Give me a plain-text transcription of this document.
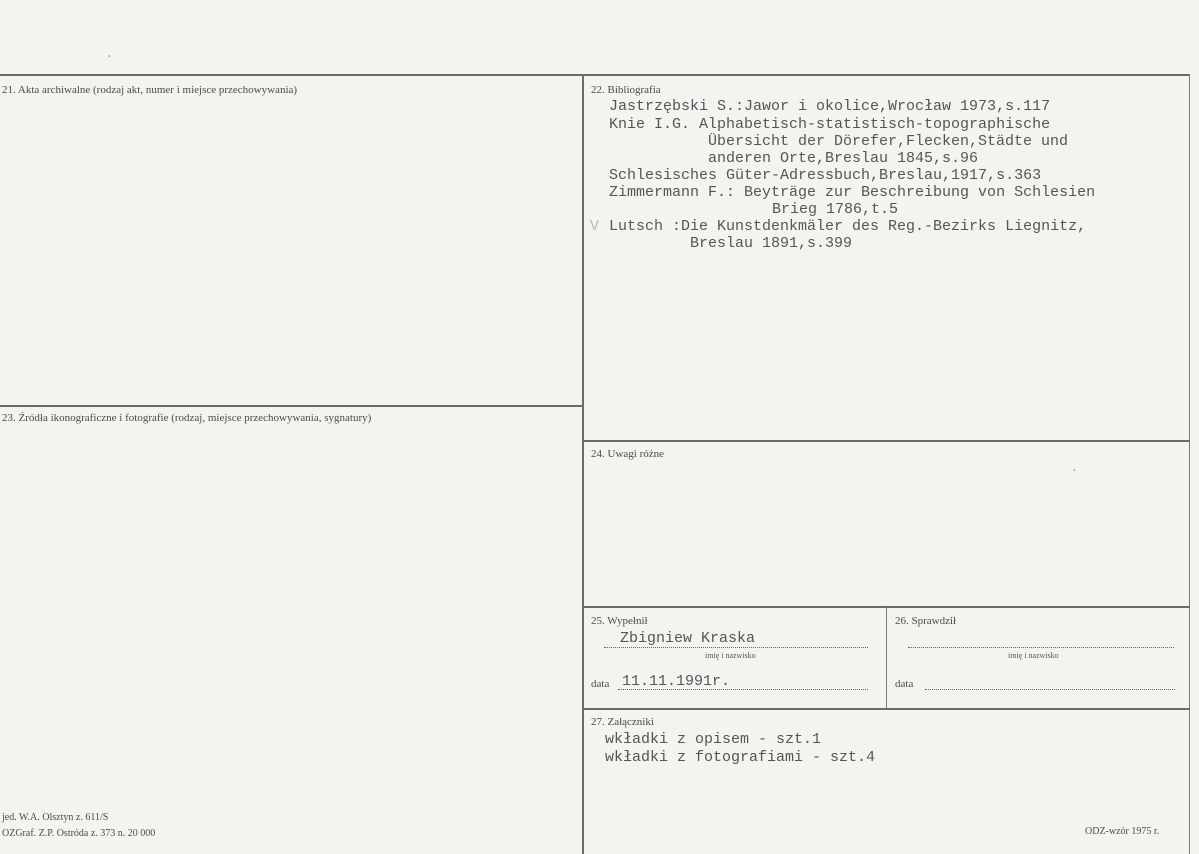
21. Akta archiwalne (rodzaj akt, numer i miejsce przechowywania)	22. Bibliografia
Jastrzębski S.:Jawor i okolice,Wrocław 1973,s.117
Knie I.G. Alphabetisch-statistisch-topographische
Übersicht der Dörefer,Flecken,Städte und
anderen Orte,Breslau 1845,s.96
Schlesisches Güter-Adressbuch,Breslau,1917,s.363
Zimmermann F.: Beyträge zur Beschreibung von Schlesien
Brieg 1786,t.5
V Lutsch :Die Kunstdenkmäler des Reg.-Bezirks Liegnitz,
Breslau 1891,s.399
23. Źródła ikonograficzne i fotografie (rodzaj, miejsce przechowywania, sygnatury)
24. Uwagi różne
25. Wypełnił
Zbigniew Kraska
imię i nazwisko
data 11.11.1991r.
26. Sprawdził
imię i nazwisko
data
27. Załączniki
wkładki z opisem - szt.1
wkładki z fotografiami - szt.4
jed. W.A. Olsztyn z. 611/S
OZGraf. Z.P. Ostróda z. 373 n. 20 000	ODZ-wzór 1975 r.
•
•
